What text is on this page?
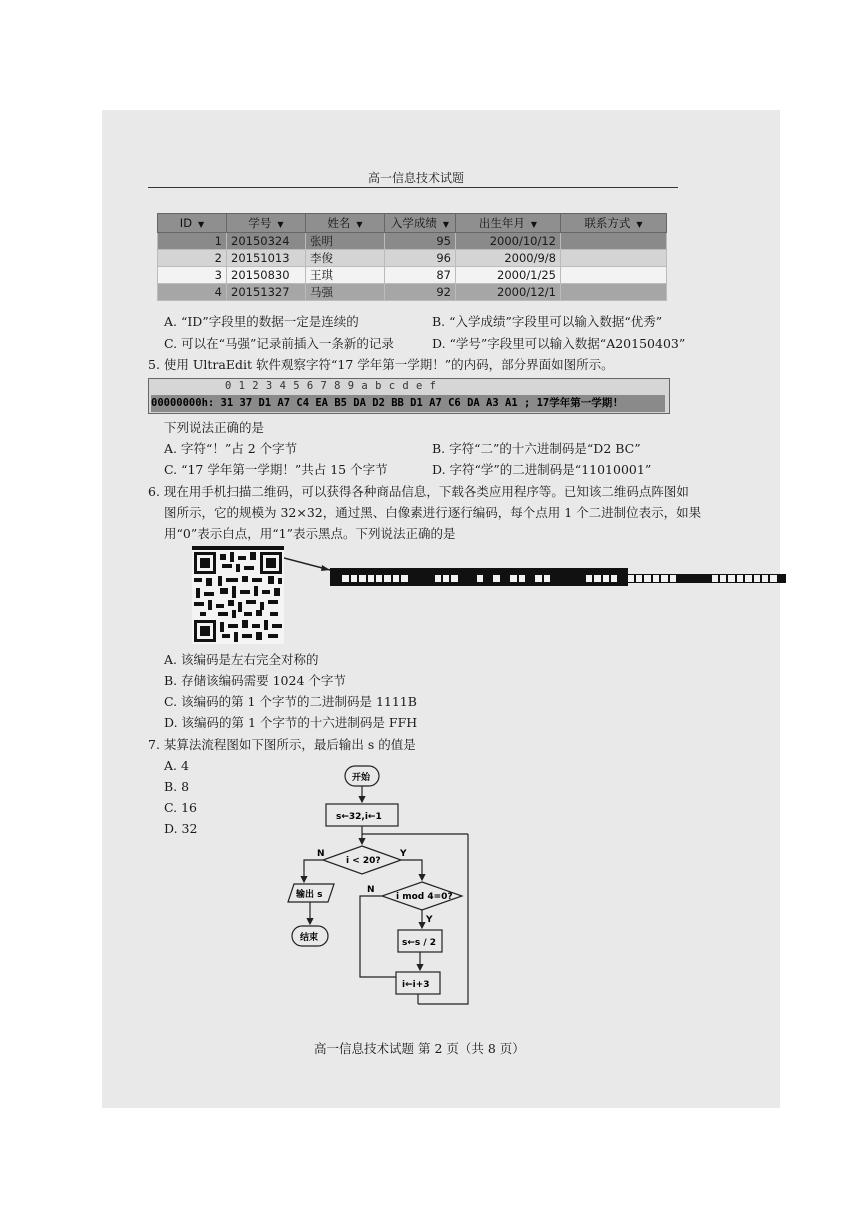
高一信息技术试题
ID ▼	学号 ▼	姓名 ▼	入学成绩 ▼	出生年月 ▼	联系方式 ▼
1	20150324	张明	95	2000/10/12	
2	20151013	李俊	96	2000/9/8	
3	20150830	王琪	87	2000/1/25	
4	20151327	马强	92	2000/12/1	
A. “ID”字段里的数据一定是连续的	B. “入学成绩”字段里可以输入数据“优秀”
C. 可以在“马强”记录前插入一条新的记录	D. “学号”字段里可以输入数据“A20150403”
5. 使用 UltraEdit 软件观察字符“17 学年第一学期！”的内码，部分界面如图所示。
0 1 2 3 4 5 6 7 8 9 a b c d e f
00000000h: 31 37 D1 A7 C4 EA B5 DA D2 BB D1 A7 C6 DA A3 A1 ; 17学年第一学期!
下列说法正确的是
A. 字符“！”占 2 个字节	B. 字符“二”的十六进制码是“D2 BC”
C. “17 学年第一学期！”共占 15 个字节	D. 字符“学”的二进制码是“11010001”
6. 现在用手机扫描二维码，可以获得各种商品信息，下载各类应用程序等。已知该二维码点阵图如
图所示，它的规模为 32×32，通过黑、白像素进行逐行编码，每个点用 1 个二进制位表示，如果
用“0”表示白点，用“1”表示黑点。下列说法正确的是
A. 该编码是左右完全对称的
B. 存储该编码需要 1024 个字节
C. 该编码的第 1 个字节的二进制码是 1111B
D. 该编码的第 1 个字节的十六进制码是 FFH
7. 某算法流程图如下图所示，最后输出 s 的值是
A. 4
B. 8
C. 16
D. 32
开始
s←32,i←1
i < 20?
N	Y
输出 s
结束
i mod 4=0?
N
Y
s←s / 2
i←i+3
高一信息技术试题 第 2 页（共 8 页）
